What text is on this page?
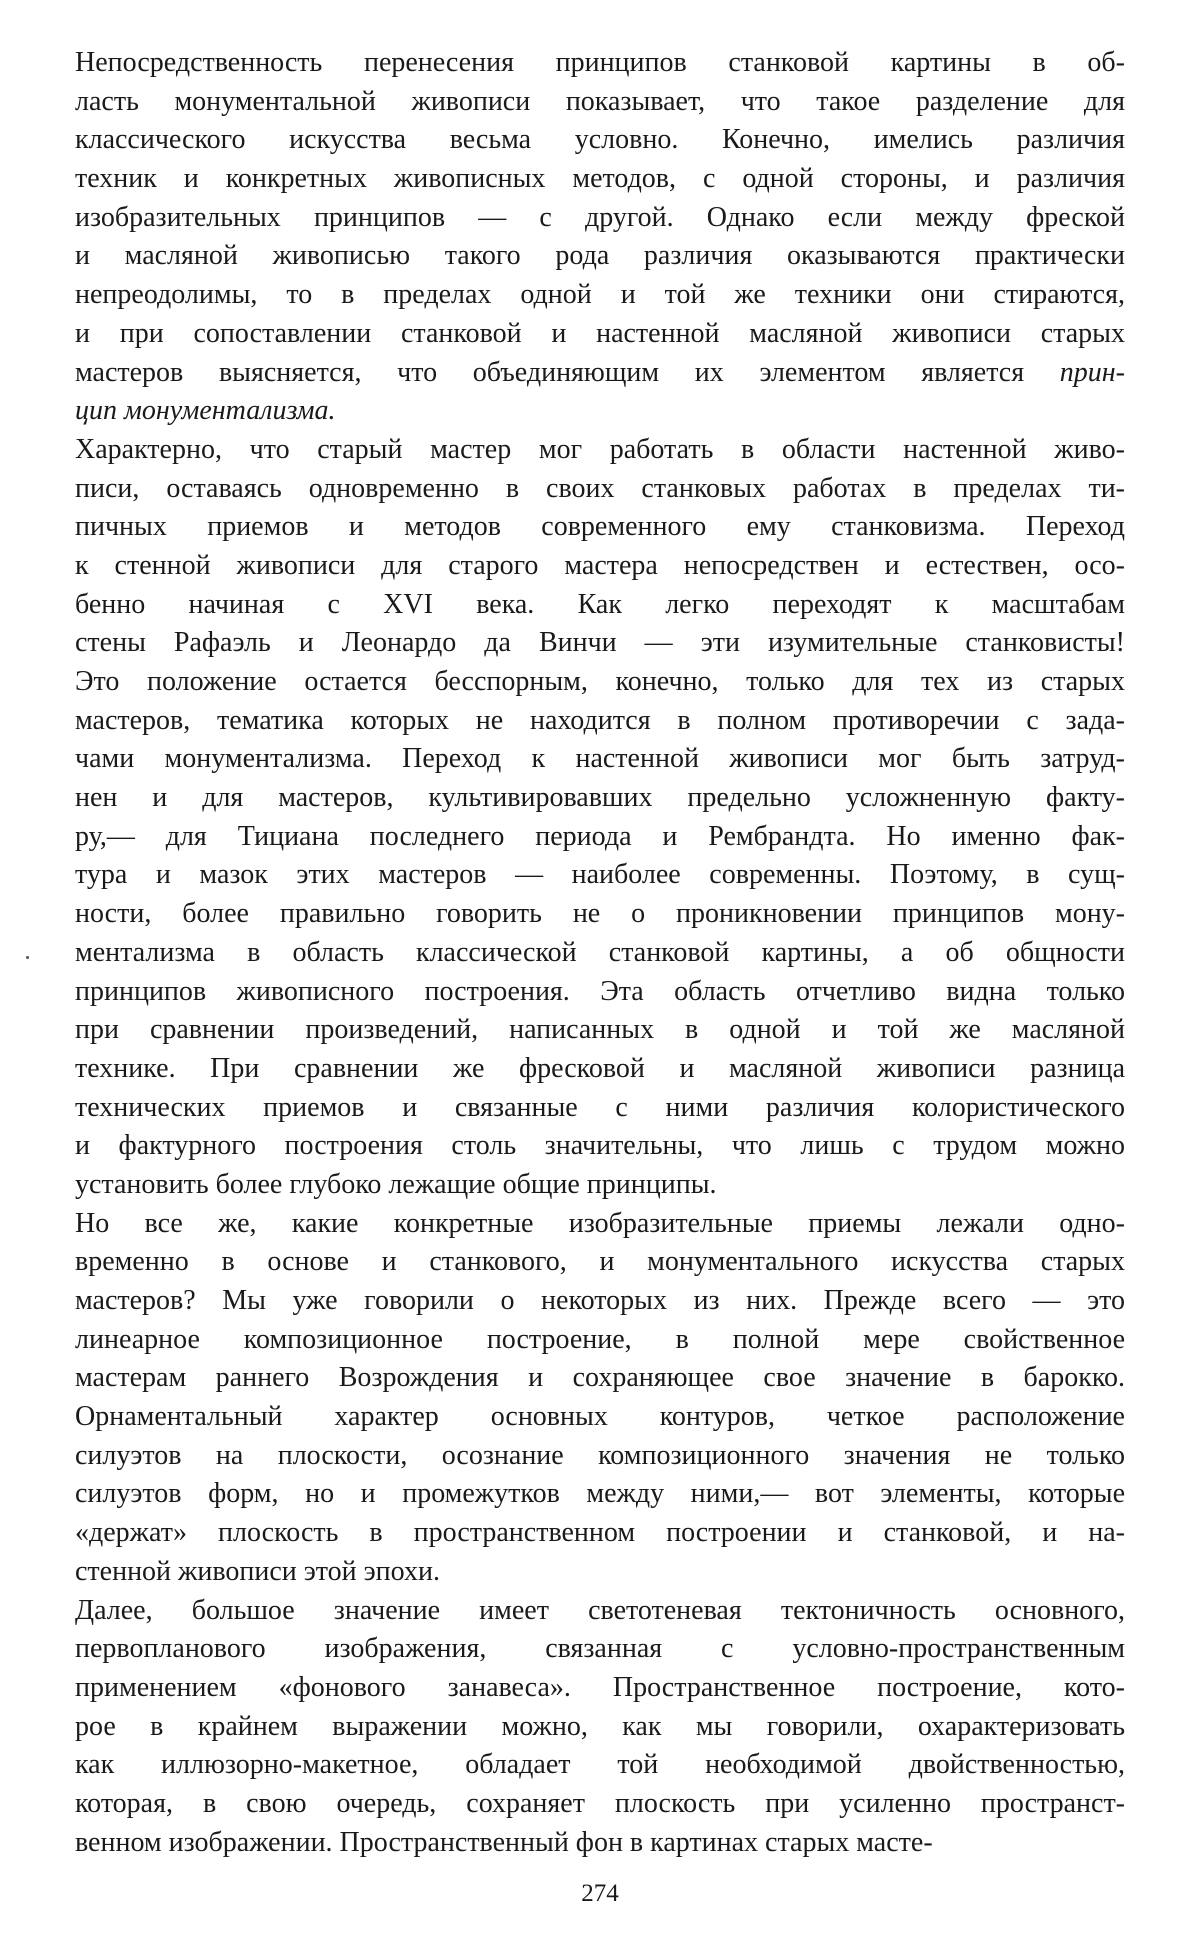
Непосредственность перенесения принципов станковой картины в об-
ласть монументальной живописи показывает, что такое разделение для
классического искусства весьма условно. Конечно, имелись различия
техник и конкретных живописных методов, с одной стороны, и различия
изобразительных принципов — с другой. Однако если между фреской
и масляной живописью такого рода различия оказываются практически
непреодолимы, то в пределах одной и той же техники они стираются,
и при сопоставлении станковой и настенной масляной живописи старых
мастеров выясняется, что объединяющим их элементом является прин-
цип монументализма.
Характерно, что старый мастер мог работать в области настенной живо-
писи, оставаясь одновременно в своих станковых работах в пределах ти-
пичных приемов и методов современного ему станковизма. Переход
к стенной живописи для старого мастера непосредствен и естествен, осо-
бенно начиная с XVI века. Как легко переходят к масштабам
стены Рафаэль и Леонардо да Винчи — эти изумительные станковисты!
Это положение остается бесспорным, конечно, только для тех из старых
мастеров, тематика которых не находится в полном противоречии с зада-
чами монументализма. Переход к настенной живописи мог быть затруд-
нен и для мастеров, культивировавших предельно усложненную факту-
ру,— для Тициана последнего периода и Рембрандта. Но именно фак-
тура и мазок этих мастеров — наиболее современны. Поэтому, в сущ-
ности, более правильно говорить не о проникновении принципов мону-
ментализма в область классической станковой картины, а об общности
принципов живописного построения. Эта область отчетливо видна только
при сравнении произведений, написанных в одной и той же масляной
технике. При сравнении же фресковой и масляной живописи разница
технических приемов и связанные с ними различия колористического
и фактурного построения столь значительны, что лишь с трудом можно
установить более глубоко лежащие общие принципы.
Но все же, какие конкретные изобразительные приемы лежали одно-
временно в основе и станкового, и монументального искусства старых
мастеров? Мы уже говорили о некоторых из них. Прежде всего — это
линеарное композиционное построение, в полной мере свойственное
мастерам раннего Возрождения и сохраняющее свое значение в барокко.
Орнаментальный характер основных контуров, четкое расположение
силуэтов на плоскости, осознание композиционного значения не только
силуэтов форм, но и промежутков между ними,— вот элементы, которые
«держат» плоскость в пространственном построении и станковой, и на-
стенной живописи этой эпохи.
Далее, большое значение имеет светотеневая тектоничность основного,
первопланового изображения, связанная с условно-пространственным
применением «фонового занавеса». Пространственное построение, кото-
рое в крайнем выражении можно, как мы говорили, охарактеризовать
как иллюзорно-макетное, обладает той необходимой двойственностью,
которая, в свою очередь, сохраняет плоскость при усиленно пространст-
венном изображении. Пространственный фон в картинах старых масте-
274
